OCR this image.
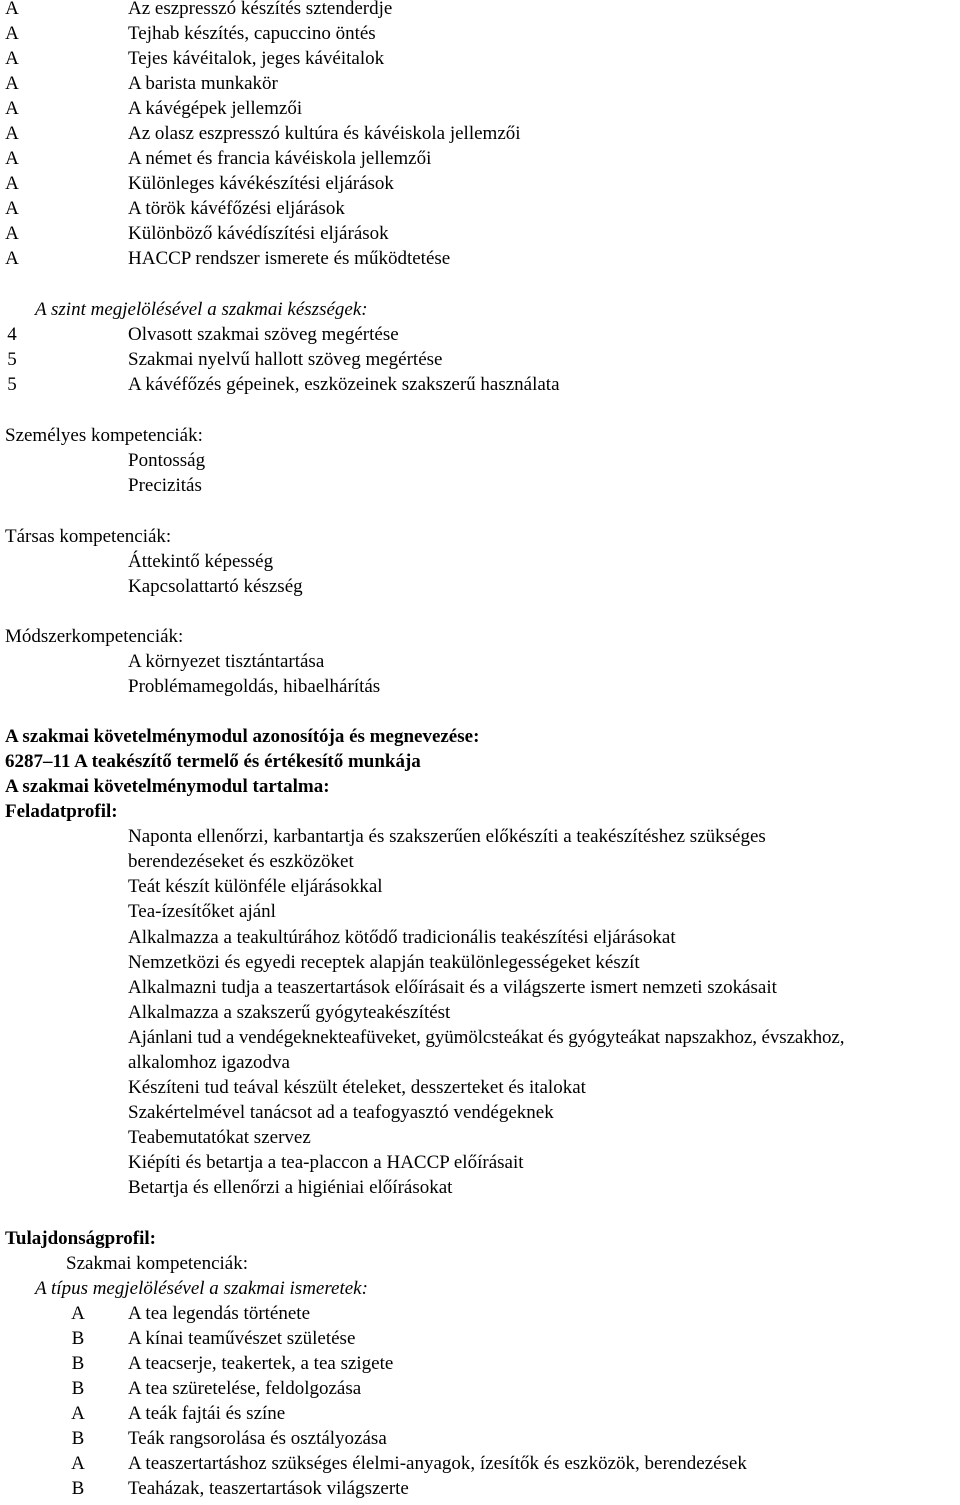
A	Az eszpresszó készítés sztenderdje
A	Tejhab készítés, capuccino öntés
A	Tejes kávéitalok, jeges kávéitalok
A	A barista munkakör
A	A kávégépek jellemzői
A	Az olasz eszpresszó kultúra és kávéiskola jellemzői
A	A német és francia kávéiskola jellemzői
A	Különleges kávékészítési eljárások
A	A török kávéfőzési eljárások
A	Különböző kávédíszítési eljárások
A	HACCP rendszer ismerete és működtetése
A szint megjelölésével a szakmai készségek:
4	Olvasott szakmai szöveg megértése
5	Szakmai nyelvű hallott szöveg megértése
5	A kávéfőzés gépeinek, eszközeinek szakszerű használata
Személyes kompetenciák:
Pontosság
Precizitás
Társas kompetenciák:
Áttekintő képesség
Kapcsolattartó készség
Módszerkompetenciák:
A környezet tisztántartása
Problémamegoldás, hibaelhárítás
A szakmai követelménymodul azonosítója és megnevezése:
6287–11 A teakészítő termelő és értékesítő munkája
A szakmai követelménymodul tartalma:
Feladatprofil:
Naponta ellenőrzi, karbantartja és szakszerűen előkészíti a teakészítéshez szükséges
berendezéseket és eszközöket
Teát készít különféle eljárásokkal
Tea-ízesítőket ajánl
Alkalmazza a teakultúrához kötődő tradicionális teakészítési eljárásokat
Nemzetközi és egyedi receptek alapján teakülönlegességeket készít
Alkalmazni tudja a teaszertartások előírásait és a világszerte ismert nemzeti szokásait
Alkalmazza a szakszerű gyógyteakészítést
Ajánlani tud a vendégeknekteafüveket, gyümölcsteákat és gyógyteákat napszakhoz, évszakhoz,
alkalomhoz igazodva
Készíteni tud teával készült ételeket, desszerteket és italokat
Szakértelmével tanácsot ad a teafogyasztó vendégeknek
Teabemutatókat szervez
Kiépíti és betartja a tea-placcon a HACCP előírásait
Betartja és ellenőrzi a higiéniai előírásokat
Tulajdonságprofil:
Szakmai kompetenciák:
A típus megjelölésével a szakmai ismeretek:
A A tea legendás története
B A kínai teaművészet születése
B A teacserje, teakertek, a tea szigete
B A tea szüretelése, feldolgozása
A A teák fajtái és színe
B Teák rangsorolása és osztályozása
A A teaszertartáshoz szükséges élelmi-anyagok, ízesítők és eszközök, berendezések
B Teaházak, teaszertartások világszerte
